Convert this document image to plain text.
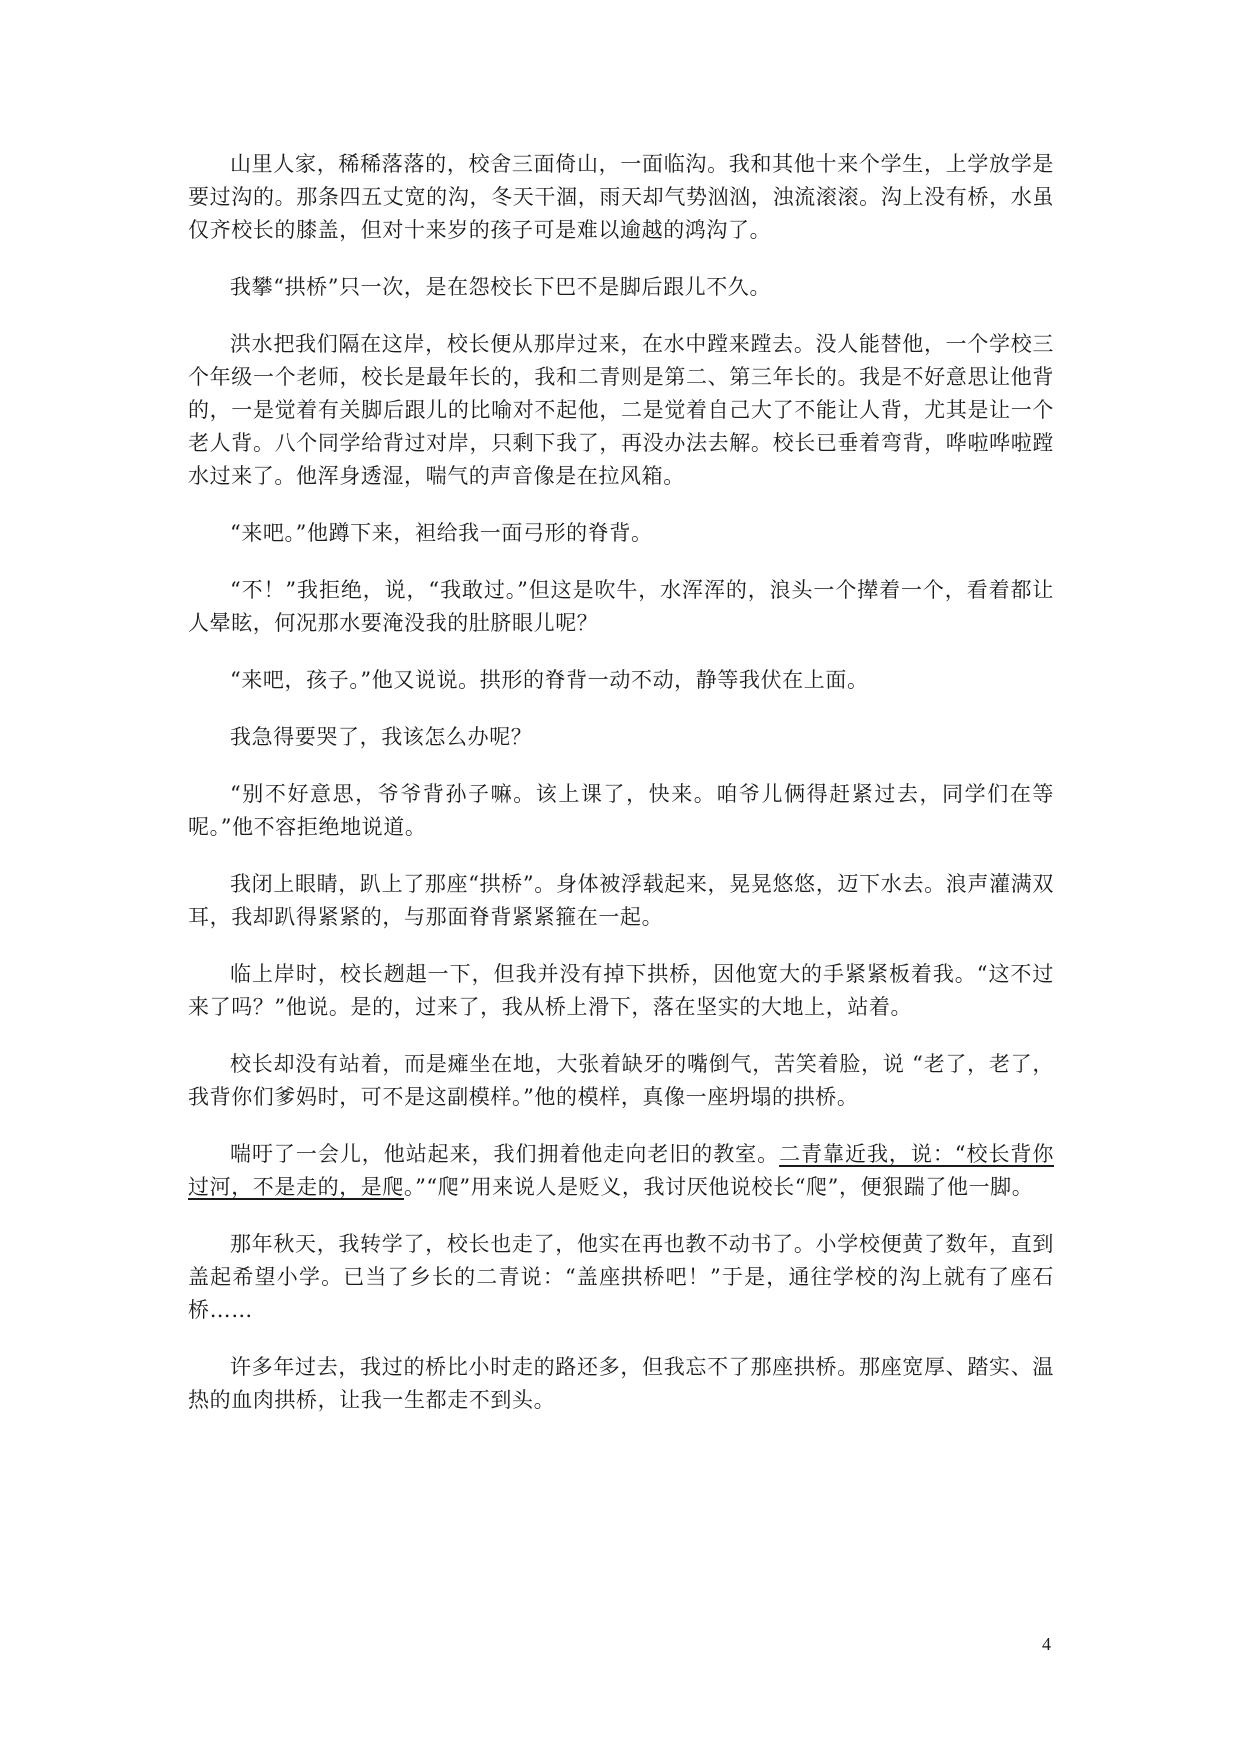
山里人家，稀稀落落的，校舍三面倚山，一面临沟。我和其他十来个学生，上学放学是要过沟的。那条四五丈宽的沟，冬天干涸，雨天却气势汹汹，浊流滚滚。沟上没有桥，水虽仅齐校长的膝盖，但对十来岁的孩子可是难以逾越的鸿沟了。

我攀“拱桥”只一次，是在怨校长下巴不是脚后跟儿不久。

洪水把我们隔在这岸，校长便从那岸过来，在水中蹚来蹚去。没人能替他，一个学校三个年级一个老师，校长是最年长的，我和二青则是第二、第三年长的。我是不好意思让他背的，一是觉着有关脚后跟儿的比喻对不起他，二是觉着自己大了不能让人背，尤其是让一个老人背。八个同学给背过对岸，只剩下我了，再没办法去解。校长已垂着弯背，哗啦哗啦蹚水过来了。他浑身透湿，喘气的声音像是在拉风箱。

“来吧。”他蹲下来，袒给我一面弓形的脊背。

“不！”我拒绝，说，“我敢过。”但这是吹牛，水浑浑的，浪头一个撵着一个，看着都让人晕眩，何况那水要淹没我的肚脐眼儿呢？

“来吧，孩子。”他又说说。拱形的脊背一动不动，静等我伏在上面。

我急得要哭了，我该怎么办呢？

“别不好意思，爷爷背孙子嘛。该上课了，快来。咱爷儿俩得赶紧过去，同学们在等呢。”他不容拒绝地说道。

我闭上眼睛，趴上了那座“拱桥”。身体被浮载起来，晃晃悠悠，迈下水去。浪声灌满双耳，我却趴得紧紧的，与那面脊背紧紧箍在一起。

临上岸时，校长趔趄一下，但我并没有掉下拱桥，因他宽大的手紧紧板着我。“这不过来了吗？”他说。是的，过来了，我从桥上滑下，落在坚实的大地上，站着。

校长却没有站着，而是瘫坐在地，大张着缺牙的嘴倒气，苦笑着脸，说 “老了，老了，我背你们爹妈时，可不是这副模样。”他的模样，真像一座坍塌的拱桥。

喘吁了一会儿，他站起来，我们拥着他走向老旧的教室。二青靠近我，说：“校长背你过河，不是走的，是爬。”“爬”用来说人是贬义，我讨厌他说校长“爬”，便狠踹了他一脚。

那年秋天，我转学了，校长也走了，他实在再也教不动书了。小学校便黄了数年，直到盖起希望小学。已当了乡长的二青说：“盖座拱桥吧！”于是，通往学校的沟上就有了座石桥……

许多年过去，我过的桥比小时走的路还多，但我忘不了那座拱桥。那座宽厚、踏实、温热的血肉拱桥，让我一生都走不到头。

4
